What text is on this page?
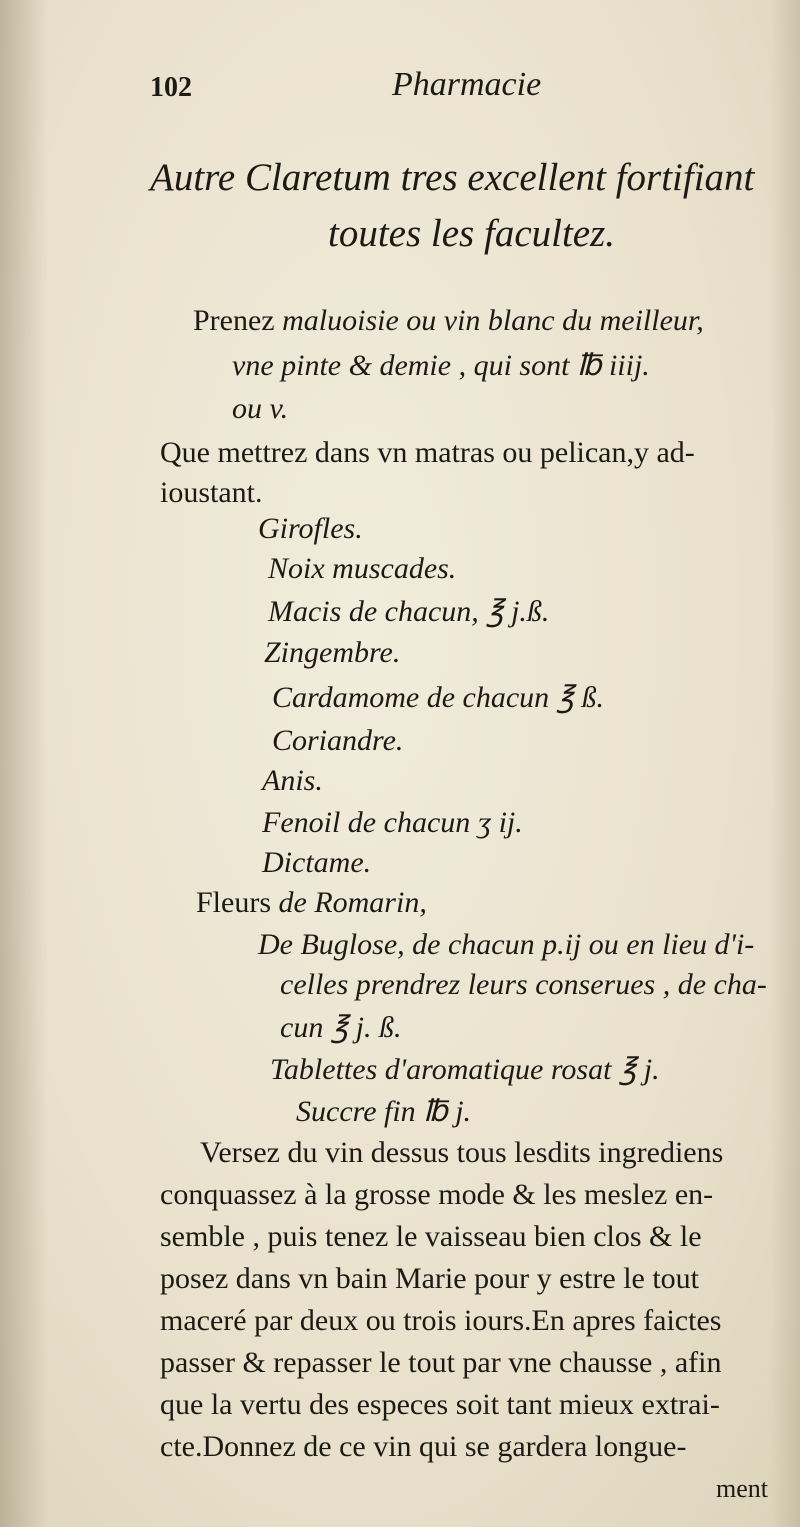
102	Pharmacie
Autre Claretum tres excellent fortifiant
toutes les facultez.
Prenez maluoisie ou vin blanc du meilleur,
vne pinte & demie , qui sont ℔ iiij.
ou v.
Que mettrez dans vn matras ou pelican,y ad-
ioustant.
Girofles.
Noix muscades.
Macis de chacun, ℥ j.ß.
Zingembre.
Cardamome de chacun ℥ ß.
Coriandre.
Anis.
Fenoil de chacun ʒ ij.
Dictame.
Fleurs de Romarin,
De Buglose, de chacun p.ij ou en lieu d'i-
celles prendrez leurs conserues , de cha-
cun ℥ j. ß.
Tablettes d'aromatique rosat ℥ j.
Succre fin ℔ j.
Versez du vin dessus tous lesdits ingrediens
conquassez à la grosse mode & les meslez en-
semble , puis tenez le vaisseau bien clos & le
posez dans vn bain Marie pour y estre le tout
maceré par deux ou trois iours.En apres faictes
passer & repasser le tout par vne chausse , afin
que la vertu des especes soit tant mieux extrai-
cte.Donnez de ce vin qui se gardera longue-
ment
